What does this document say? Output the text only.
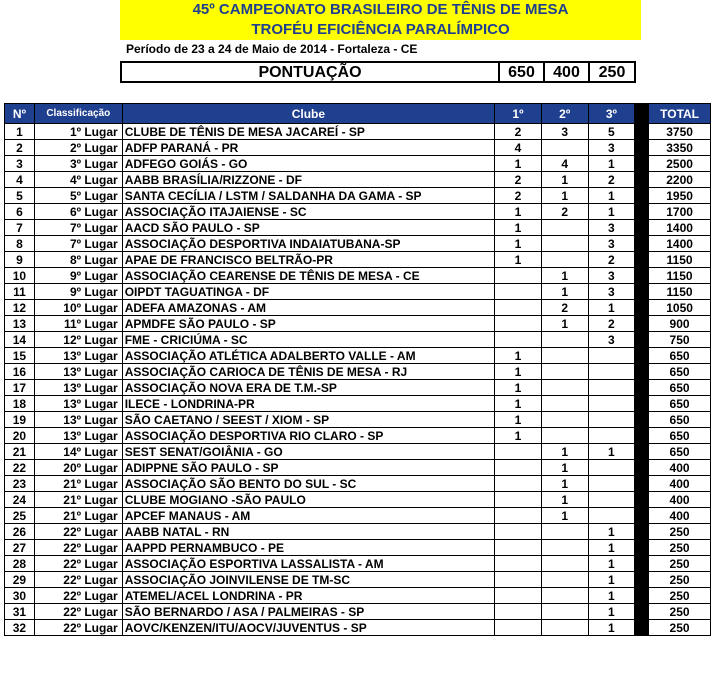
45º CAMPEONATO BRASILEIRO DE TÊNIS DE MESA
TROFÉU EFICIÊNCIA PARALÍMPICO
Período de 23 a 24 de Maio de 2014 - Fortaleza - CE
PONTUAÇÃO	650	400	250
Nº	Classificação	Clube	1º	2º	3º		TOTAL
1	1º Lugar	CLUBE DE TÊNIS DE MESA JACAREÍ - SP	2	3	5		3750
2	2º Lugar	ADFP PARANÁ - PR	4		3		3350
3	3º Lugar	ADFEGO GOIÁS - GO	1	4	1		2500
4	4º Lugar	AABB BRASÍLIA/RIZZONE - DF	2	1	2		2200
5	5º Lugar	SANTA CECÍLIA / LSTM / SALDANHA DA GAMA - SP	2	1	1		1950
6	6º Lugar	ASSOCIAÇÃO ITAJAIENSE - SC	1	2	1		1700
7	7º Lugar	AACD SÃO PAULO - SP	1		3		1400
8	7º Lugar	ASSOCIAÇÃO DESPORTIVA INDAIATUBANA-SP	1		3		1400
9	8º Lugar	APAE DE FRANCISCO BELTRÃO-PR	1		2		1150
10	9º Lugar	ASSOCIAÇÃO CEARENSE DE TÊNIS DE MESA - CE		1	3		1150
11	9º Lugar	OIPDT TAGUATINGA - DF		1	3		1150
12	10º Lugar	ADEFA AMAZONAS - AM		2	1		1050
13	11º Lugar	APMDFE SÃO PAULO - SP		1	2		900
14	12º Lugar	FME - CRICIÚMA - SC			3		750
15	13º Lugar	ASSOCIAÇÃO ATLÉTICA ADALBERTO VALLE - AM	1				650
16	13º Lugar	ASSOCIAÇÃO CARIOCA DE TÊNIS DE MESA - RJ	1				650
17	13º Lugar	ASSOCIAÇÃO NOVA ERA DE T.M.-SP	1				650
18	13º Lugar	ILECE - LONDRINA-PR	1				650
19	13º Lugar	SÃO CAETANO / SEEST / XIOM - SP	1				650
20	13º Lugar	ASSOCIAÇÃO DESPORTIVA RIO CLARO - SP	1				650
21	14º Lugar	SEST SENAT/GOIÂNIA - GO		1	1		650
22	20º Lugar	ADIPPNE SÃO PAULO - SP		1			400
23	21º Lugar	ASSOCIAÇÃO SÃO BENTO DO SUL - SC		1			400
24	21º Lugar	CLUBE MOGIANO -SÃO PAULO		1			400
25	21º Lugar	APCEF MANAUS - AM		1			400
26	22º Lugar	AABB NATAL - RN			1		250
27	22º Lugar	AAPPD PERNAMBUCO - PE			1		250
28	22º Lugar	ASSOCIAÇÃO ESPORTIVA LASSALISTA - AM			1		250
29	22º Lugar	ASSOCIAÇÃO JOINVILENSE DE TM-SC			1		250
30	22º Lugar	ATEMEL/ACEL LONDRINA - PR			1		250
31	22º Lugar	SÃO BERNARDO / ASA / PALMEIRAS - SP			1		250
32	22º Lugar	AOVC/KENZEN/ITU/AOCV/JUVENTUS - SP			1		250
